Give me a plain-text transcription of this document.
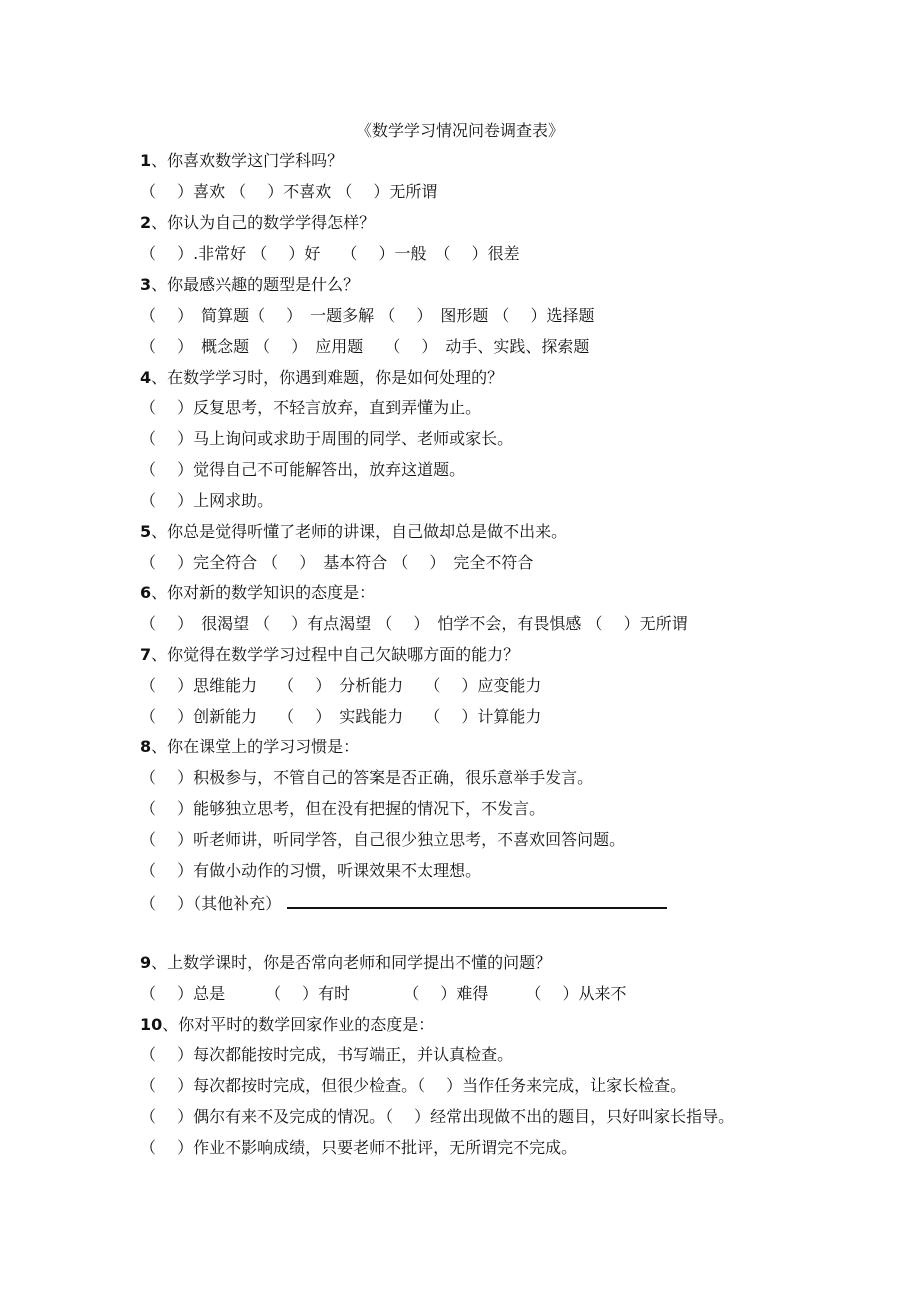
《数学学习情况问卷调查表》
1、你喜欢数学这门学科吗？
（　 ）喜欢 （　 ）不喜欢 （　 ）无所谓
2、你认为自己的数学学得怎样？
（　 ）.非常好 （　 ）好　 （　 ）一般　（　 ）很差
3、你最感兴趣的题型是什么？
（　 ）　简算题（　 ）　一题多解 （　 ）　图形题 （　 ）选择题
（　 ）　概念题 （　 ）　应用题　 （　 ）　动手、实践、探索题
4、在数学学习时，你遇到难题，你是如何处理的？
（　 ）反复思考，不轻言放弃，直到弄懂为止。
（　 ）马上询问或求助于周围的同学、老师或家长。
（　 ）觉得自己不可能解答出，放弃这道题。
（　 ）上网求助。
5、你总是觉得听懂了老师的讲课，自己做却总是做不出来。
（　 ）完全符合 （　 ）　基本符合 （　 ）　完全不符合
6、你对新的数学知识的态度是：
（　 ）　很渴望 （　 ）有点渴望 （　 ）　怕学不会，有畏惧感 （　 ）无所谓
7、你觉得在数学学习过程中自己欠缺哪方面的能力？
（　 ）思维能力　 （　 ）　分析能力　 （　 ）应变能力
（　 ）创新能力　 （　 ）　实践能力　 （　 ）计算能力
8、你在课堂上的学习习惯是：
（　 ）积极参与，不管自己的答案是否正确，很乐意举手发言。
（　 ）能够独立思考，但在没有把握的情况下，不发言。
（　 ）听老师讲，听同学答，自己很少独立思考，不喜欢回答问题。
（　 ）有做小动作的习惯，听课效果不太理想。
（　 ）（其他补充）
9、上数学课时，你是否常向老师和同学提出不懂的问题？
（　 ）总是　　　（　 ）有时　　　 （　 ）难得　　 （　 ）从来不
10、你对平时的数学回家作业的态度是：
（　 ）每次都能按时完成，书写端正，并认真检查。
（　 ）每次都按时完成，但很少检查。（　 ）当作任务来完成，让家长检查。
（　 ）偶尔有来不及完成的情况。（　 ）经常出现做不出的题目，只好叫家长指导。
（　 ）作业不影响成绩，只要老师不批评，无所谓完不完成。
